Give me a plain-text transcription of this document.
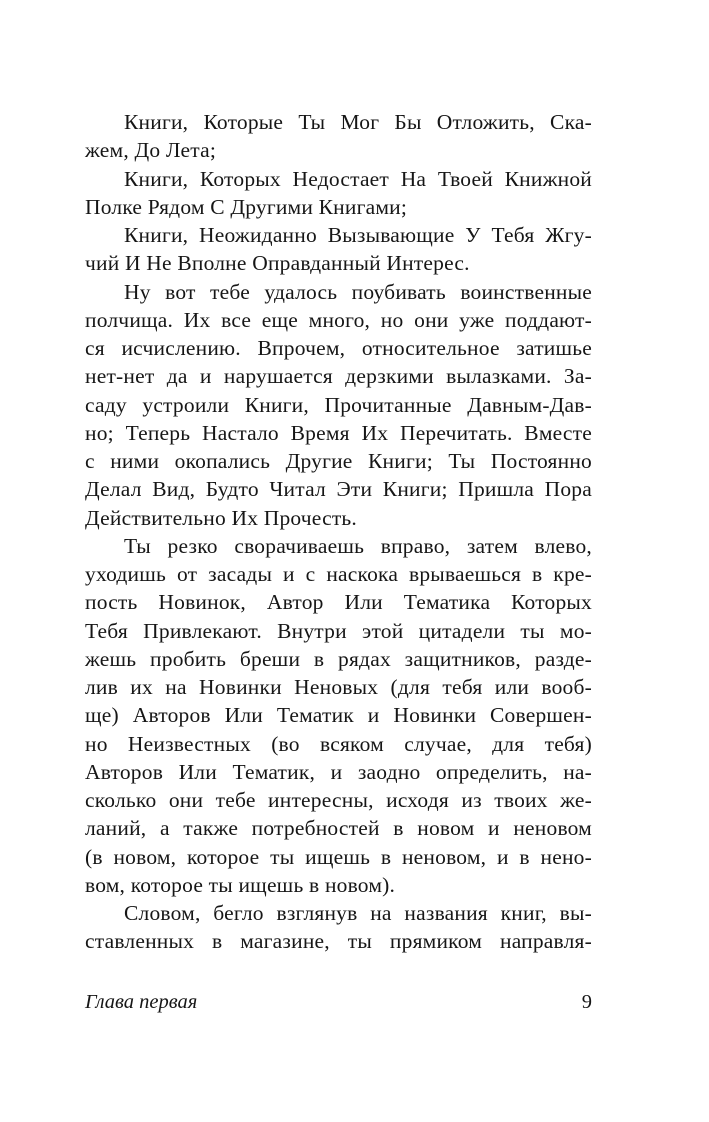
Книги, Которые Ты Мог Бы Отложить, Ска-
жем, До Лета;
Книги, Которых Недостает На Твоей Книжной
Полке Рядом С Другими Книгами;
Книги, Неожиданно Вызывающие У Тебя Жгу-
чий И Не Вполне Оправданный Интерес.
Ну вот тебе удалось поубивать воинственные
полчища. Их все еще много, но они уже поддают-
ся исчислению. Впрочем, относительное затишье
нет-нет да и нарушается дерзкими вылазками. За-
саду устроили Книги, Прочитанные Давным-Дав-
но; Теперь Настало Время Их Перечитать. Вместе
с ними окопались Другие Книги; Ты Постоянно
Делал Вид, Будто Читал Эти Книги; Пришла Пора
Действительно Их Прочесть.
Ты резко сворачиваешь вправо, затем влево,
уходишь от засады и с наскока врываешься в кре-
пость Новинок, Автор Или Тематика Которых
Тебя Привлекают. Внутри этой цитадели ты мо-
жешь пробить бреши в рядах защитников, разде-
лив их на Новинки Неновых (для тебя или вооб-
ще) Авторов Или Тематик и Новинки Совершен-
но Неизвестных (во всяком случае, для тебя)
Авторов Или Тематик, и заодно определить, на-
сколько они тебе интересны, исходя из твоих же-
ланий, а также потребностей в новом и неновом
(в новом, которое ты ищешь в неновом, и в нено-
вом, которое ты ищешь в новом).
Словом, бегло взглянув на названия книг, вы-
ставленных в магазине, ты прямиком направля-
Глава первая	9
